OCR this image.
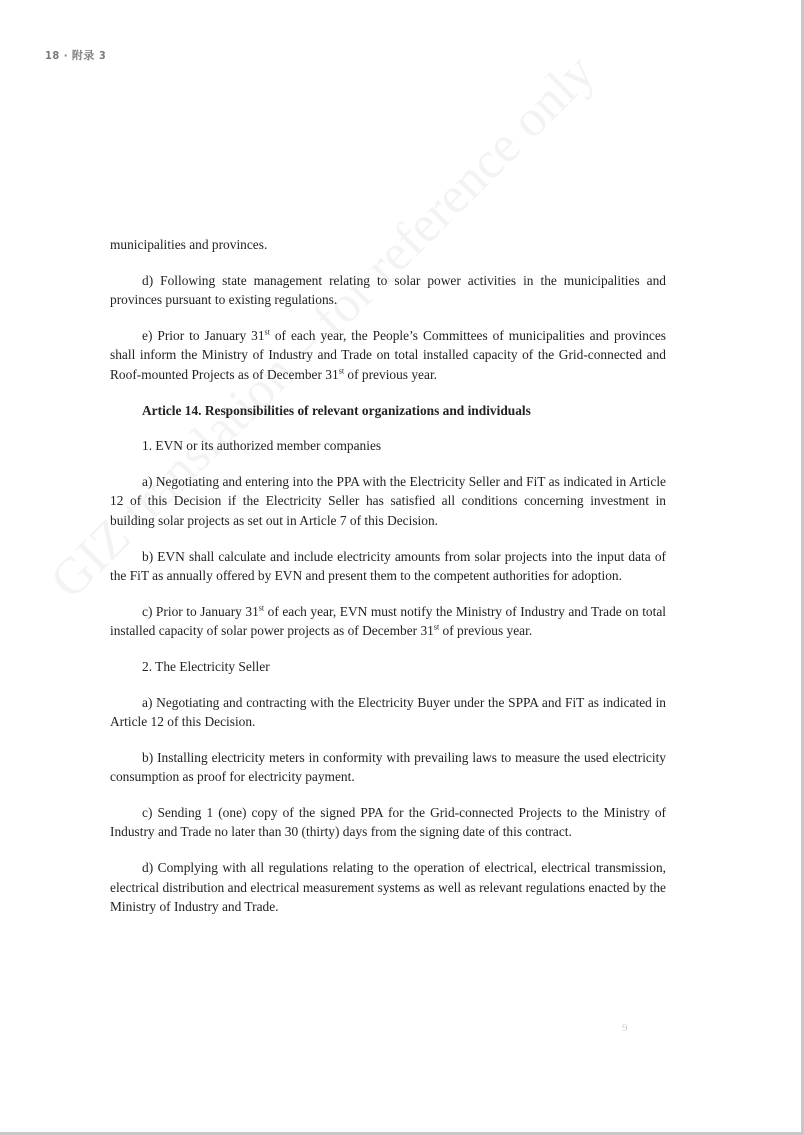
18 · 附录 3

municipalities and provinces.

d) Following state management relating to solar power activities in the municipalities and provinces pursuant to existing regulations.

e) Prior to January 31st of each year, the People’s Committees of municipalities and provinces shall inform the Ministry of Industry and Trade on total installed capacity of the Grid-connected and Roof-mounted Projects as of December 31st of previous year.

Article 14. Responsibilities of relevant organizations and individuals

1. EVN or its authorized member companies

a) Negotiating and entering into the PPA with the Electricity Seller and FiT as indicated in Article 12 of this Decision if the Electricity Seller has satisfied all conditions concerning investment in building solar projects as set out in Article 7 of this Decision.

b) EVN shall calculate and include electricity amounts from solar projects into the input data of the FiT as annually offered by EVN and present them to the competent authorities for adoption.

c) Prior to January 31st of each year, EVN must notify the Ministry of Industry and Trade on total installed capacity of solar power projects as of December 31st of previous year.

2. The Electricity Seller

a) Negotiating and contracting with the Electricity Buyer under the SPPA and FiT as indicated in Article 12 of this Decision.

b) Installing electricity meters in conformity with prevailing laws to measure the used electricity consumption as proof for electricity payment.

c) Sending 1 (one) copy of the signed PPA for the Grid-connected Projects to the Ministry of Industry and Trade no later than 30 (thirty) days from the signing date of this contract.

d) Complying with all regulations relating to the operation of electrical, electrical transmission, electrical distribution and electrical measurement systems as well as relevant regulations enacted by the Ministry of Industry and Trade.

9
